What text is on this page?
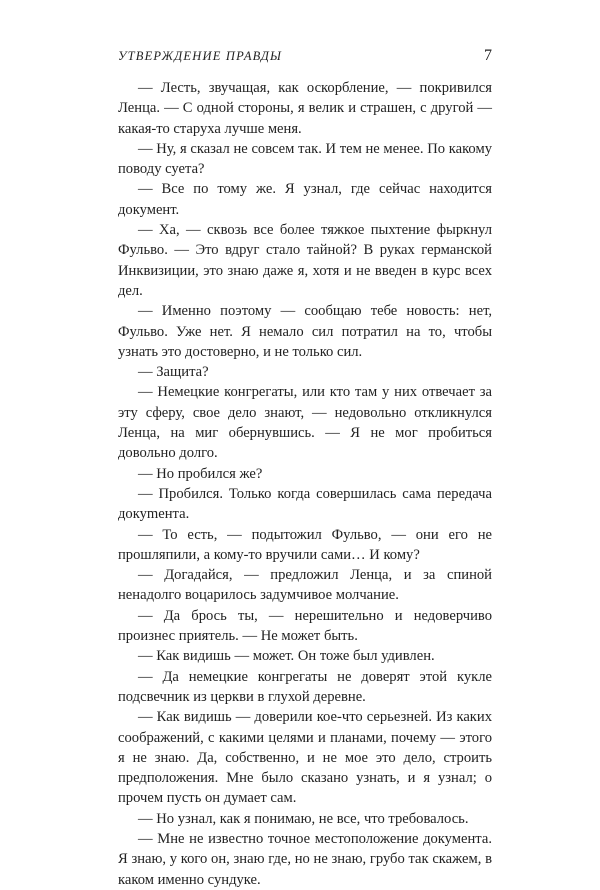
УТВЕРЖДЕНИЕ ПРАВДЫ	7

— Лесть, звучащая, как оскорбление, — покривился Ленца. — С одной стороны, я велик и страшен, с другой — какая-то старуха лучше меня.

— Ну, я сказал не совсем так. И тем не менее. По какому поводу суета?

— Все по тому же. Я узнал, где сейчас находится документ.

— Ха, — сквозь все более тяжкое пыхтение фыркнул Фульво. — Это вдруг стало тайной? В руках германской Инквизиции, это знаю даже я, хотя и не введен в курс всех дел.

— Именно поэтому — сообщаю тебе новость: нет, Фульво. Уже нет. Я немало сил потратил на то, чтобы узнать это достоверно, и не только сил.

— Защита?

— Немецкие конгрегаты, или кто там у них отвечает за эту сферу, свое дело знают, — недовольно откликнулся Ленца, на миг обернувшись. — Я не мог пробиться довольно долго.

— Но пробился же?

— Пробился. Только когда совершилась сама передача докуmента.

— То есть, — подытожил Фульво, — они его не прошляпили, а кому-то вручили сами… И кому?

— Догадайся, — предложил Ленца, и за спиной ненадолго воцарилось задумчивое молчание.

— Да брось ты, — нерешительно и недоверчиво произнес приятель. — Не может быть.

— Как видишь — может. Он тоже был удивлен.

— Да немецкие конгрегаты не доверят этой кукле подсвечник из церкви в глухой деревне.

— Как видишь — доверили кое-что серьезней. Из каких соображений, с какими целями и планами, почему — этого я не знаю. Да, собственно, и не мое это дело, строить предположения. Мне было сказано узнать, и я узнал; о прочем пусть он думает сам.

— Но узнал, как я понимаю, не все, что требовалось.

— Мне не известно точное местоположение документа. Я знаю, у кого он, знаю где, но не знаю, грубо так скажем, в каком именно сундуке.
